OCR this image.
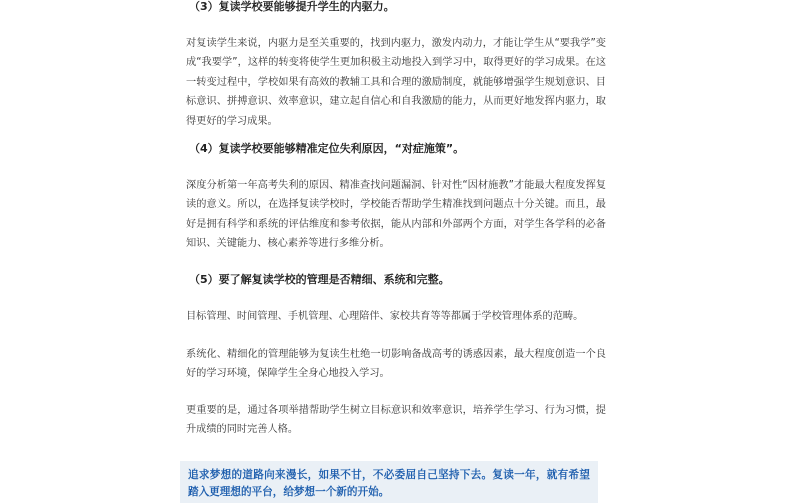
（3）复读学校要能够提升学生的内驱力。
对复读学生来说，内驱力是至关重要的，找到内驱力，激发内动力，才能让学生从“要我学”变成“我要学”，这样的转变将使学生更加积极主动地投入到学习中，取得更好的学习成果。在这一转变过程中，学校如果有高效的教辅工具和合理的激励制度，就能够增强学生规划意识、目标意识、拼搏意识、效率意识，建立起自信心和自我激励的能力，从而更好地发挥内驱力，取得更好的学习成果。
（4）复读学校要能够精准定位失利原因，“对症施策”。
深度分析第一年高考失利的原因、精准查找问题漏洞、针对性“因材施教”才能最大程度发挥复读的意义。所以，在选择复读学校时，学校能否帮助学生精准找到问题点十分关键。而且，最好是拥有科学和系统的评估维度和参考依据，能从内部和外部两个方面，对学生各学科的必备知识、关键能力、核心素养等进行多维分析。
（5）要了解复读学校的管理是否精细、系统和完整。
目标管理、时间管理、手机管理、心理陪伴、家校共育等等都属于学校管理体系的范畴。
系统化、精细化的管理能够为复读生杜绝一切影响备战高考的诱惑因素，最大程度创造一个良好的学习环境，保障学生全身心地投入学习。
更重要的是，通过各项举措帮助学生树立目标意识和效率意识，培养学生学习、行为习惯，提升成绩的同时完善人格。
追求梦想的道路向来漫长，如果不甘，不必委屈自己坚持下去。复读一年，就有希望踏入更理想的平台，给梦想一个新的开始。
